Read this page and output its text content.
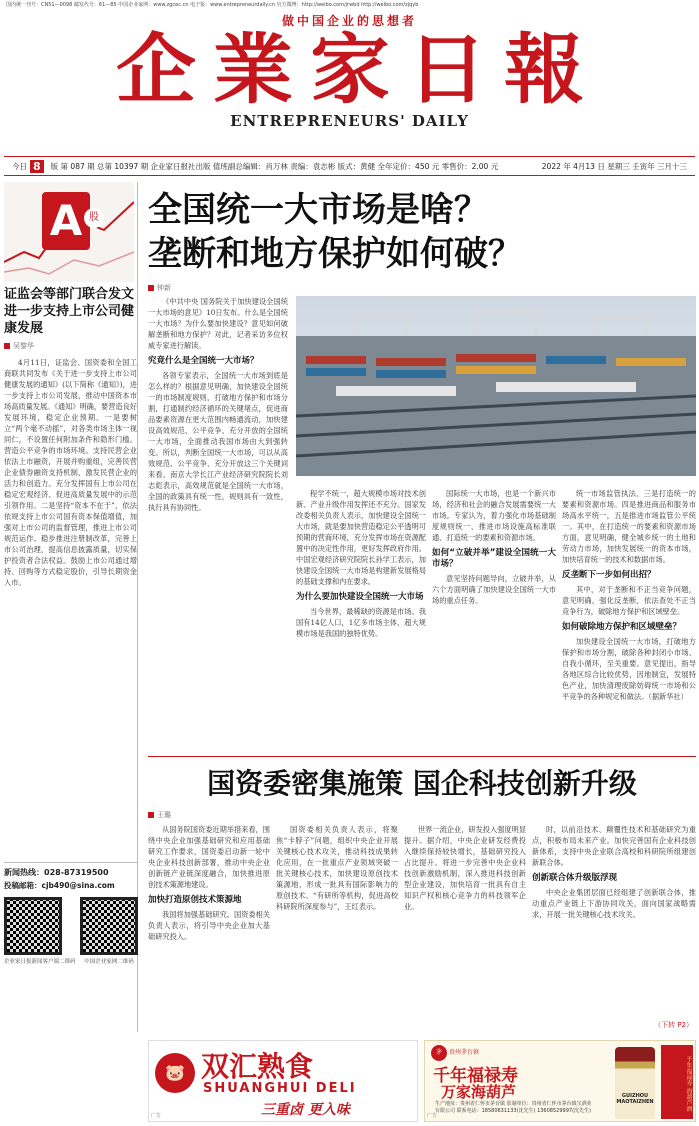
国内统一刊号：CN51—0098 邮发代号：61—85 中国企业家网：www.zgcec.cn 电子报：www.entrepreneurdaily.cn 官方微博：http://weibo.com/jrwbd http://weibo.com/zjqyb
做中国企业的思想者
企 業 家 日 報
ENTREPRENEURS' DAILY
今日 8	版 第 087 期 总第 10397 期 企业家日报社出版 值班副总编辑：肖万林 责编：袁志彬 版式：黄健 全年定价：450 元 零售价：2.00 元	2022 年 4月13 日 星期三 壬寅年 三月十三
A 股
证监会等部门联合发文进一步支持上市公司健康发展
吴黎华
4月11日，证监会、国资委和全国工商联共同发布《关于进一步支持上市公司健康发展的通知》(以下简称《通知》)，进一步支持上市公司发展，推动中国资本市场高质量发展。《通知》明确，要营造良好发展环境，稳定企业预期。一是要树立“两个毫不动摇”，对各类市场主体一视同仁，不设置任何附加条件和隐形门槛。营造公平竞争的市场环境。支持民营企业依法上市融资，开展并购重组，完善民营企业债券融资支持机制，激发民营企业的活力和创造力。充分发挥国有上市公司在稳定宏观经济、促进高质量发展中的示范引领作用。二是坚持“资本不在于”，依法依规支持上市公司国有资本保值增值，加强对上市公司的监督管理，推进上市公司规范运作。稳步推进注册制改革，完善上市公司治理，提高信息披露质量，切实保护投资者合法权益。鼓励上市公司通过增持、回购等方式稳定股价，引导长期资金入市。
新闻热线：028-87319500
投稿邮箱：cjb490@sina.com
企业家日报新闻客户端二维码	中国企业家网二维码
全国统一大市场是啥？
垄断和地方保护如何破？
钟新

《中共中央 国务院关于加快建设全国统一大市场的意见》10日发布。什么是全国统一大市场？为什么要加快建设？意见如何破解垄断和地方保护？对此，记者采访多位权威专家进行解读。

究竟什么是全国统一大市场？

各领专家表示，全国统一大市场到底是怎么样的？根据意见明确，加快建设全国统一的市场制度规则，打破地方保护和市场分割，打通制约经济循环的关键堵点，促进商品要素资源在更大范围内畅通流动，加快建设高效规范、公平竞争、充分开放的全国统一大市场，全面推动我国市场由大到强转变。所以，判断全国统一大市场，可以从高效规范、公平竞争、充分开放这三个关键词来看。南京大学长江产业经济研究院院长刘志彪表示，高效规范就是全国统一大市场，全国的政策具有统一性，规则具有一致性，执行具有协同性。

程学不统一，超大规模市场对技术创新、产业升级作用发挥还不充分。国家发改委相关负责人表示，加快建设全国统一大市场，就是要加快营造稳定公平透明可预期的营商环境，充分发挥市场在资源配置中的决定性作用，更好发挥政府作用。中国宏观经济研究院院长孙学工表示，加快建设全国统一大市场是构建新发展格局的基础支撑和内在要求。

为什么要加快建设全国统一大市场

当今世界，最稀缺的资源是市场。我国有14亿人口，1亿多市场主体，超大规模市场是我国的独特优势。

国际统一大市场，也是一个新兴市场，经济和社会的融合发展需要统一大市场。专家认为，着力强化市场基础制度规则统一、推进市场设施高标准联通、打造统一的要素和资源市场。

如何“立破并举”建设全国统一大市场？

意见坚持问题导向，立破并举，从六个方面明确了加快建设全国统一大市场的重点任务。

统一市场监管执法、三是打造统一的要素和资源市场。四是推进商品和服务市场高水平统一，五是推进市场监管公平统一。其中，在打造统一的要素和资源市场方面，意见明确，健全城乡统一的土地和劳动力市场，加快发展统一的资本市场，加快培育统一的技术和数据市场。

反垄断下一步如何出招？

其中，对于垄断和不正当竞争问题，意见明确，强化反垄断，依法查处不正当竞争行为，破除地方保护和区域壁垒。

如何破除地方保护和区域壁垒？

加快建设全国统一大市场，打破地方保护和市场分割，破除各种封闭小市场、自我小循环，至关重要。意见提出，指导各地区综合比较优势，因地制宜，发展特色产业，加快清理废除妨碍统一市场和公平竞争的各种规定和做法。（据新华社）

国资委密集施策 国企科技创新升级
王璐

从国务院国资委近期举措来看，围绕中央企业加强基础研究和应用基础研究工作要求，国资委启动新一轮中央企业科技创新部署，推动中央企业创新链产业链深度融合，加快推进原创技术策源地建设。

加快打造原创技术策源地

我国将加强基础研究。国资委相关负责人表示，将引导中央企业加大基础研究投入。

国资委相关负责人表示，将聚焦“卡脖子”问题，组织中央企业开展关键核心技术攻关，推动科技成果转化应用，在一批重点产业领域突破一批关键核心技术，加快建设原创技术策源地，形成一批具有国际影响力的原创技术。“有研所等机构，促进高校科研院所深度参与”，王红表示。

世界一流企业，研发投入强度明显提升。据介绍，中央企业研发经费投入继续保持较快增长，基础研究投入占比提升。将进一步完善中央企业科技创新激励机制，深入推进科技创新型企业建设，加快培育一批具有自主知识产权和核心竞争力的科技领军企业。

时，以前沿技术、颠覆性技术和基础研究为重点，积极布局未来产业。加快完善国有企业科技创新体系，支持中央企业联合高校和科研院所组建创新联合体。

创新联合体升级版浮现

中央企业集团层面已经组建了创新联合体，推动重点产业链上下游协同攻关，面向国家战略需求，开展一批关键核心技术攻关。

（下转 P2）
🐷 双汇熟食
SHUANGHUI DELI
三重卤 更入味
广告
茅	贵州茅台镇
千年福禄寿
万家海葫芦
生产地址：贵州省仁怀市茅台镇 监制单位：贵州省仁怀市茅台镇宝酒业有限公司 联系电话：18580631133(沈先生) 13608529997(沈先生)
GUIZHOU MAOTAIZHEN	千年福禄寿 海葫芦酒
广告
